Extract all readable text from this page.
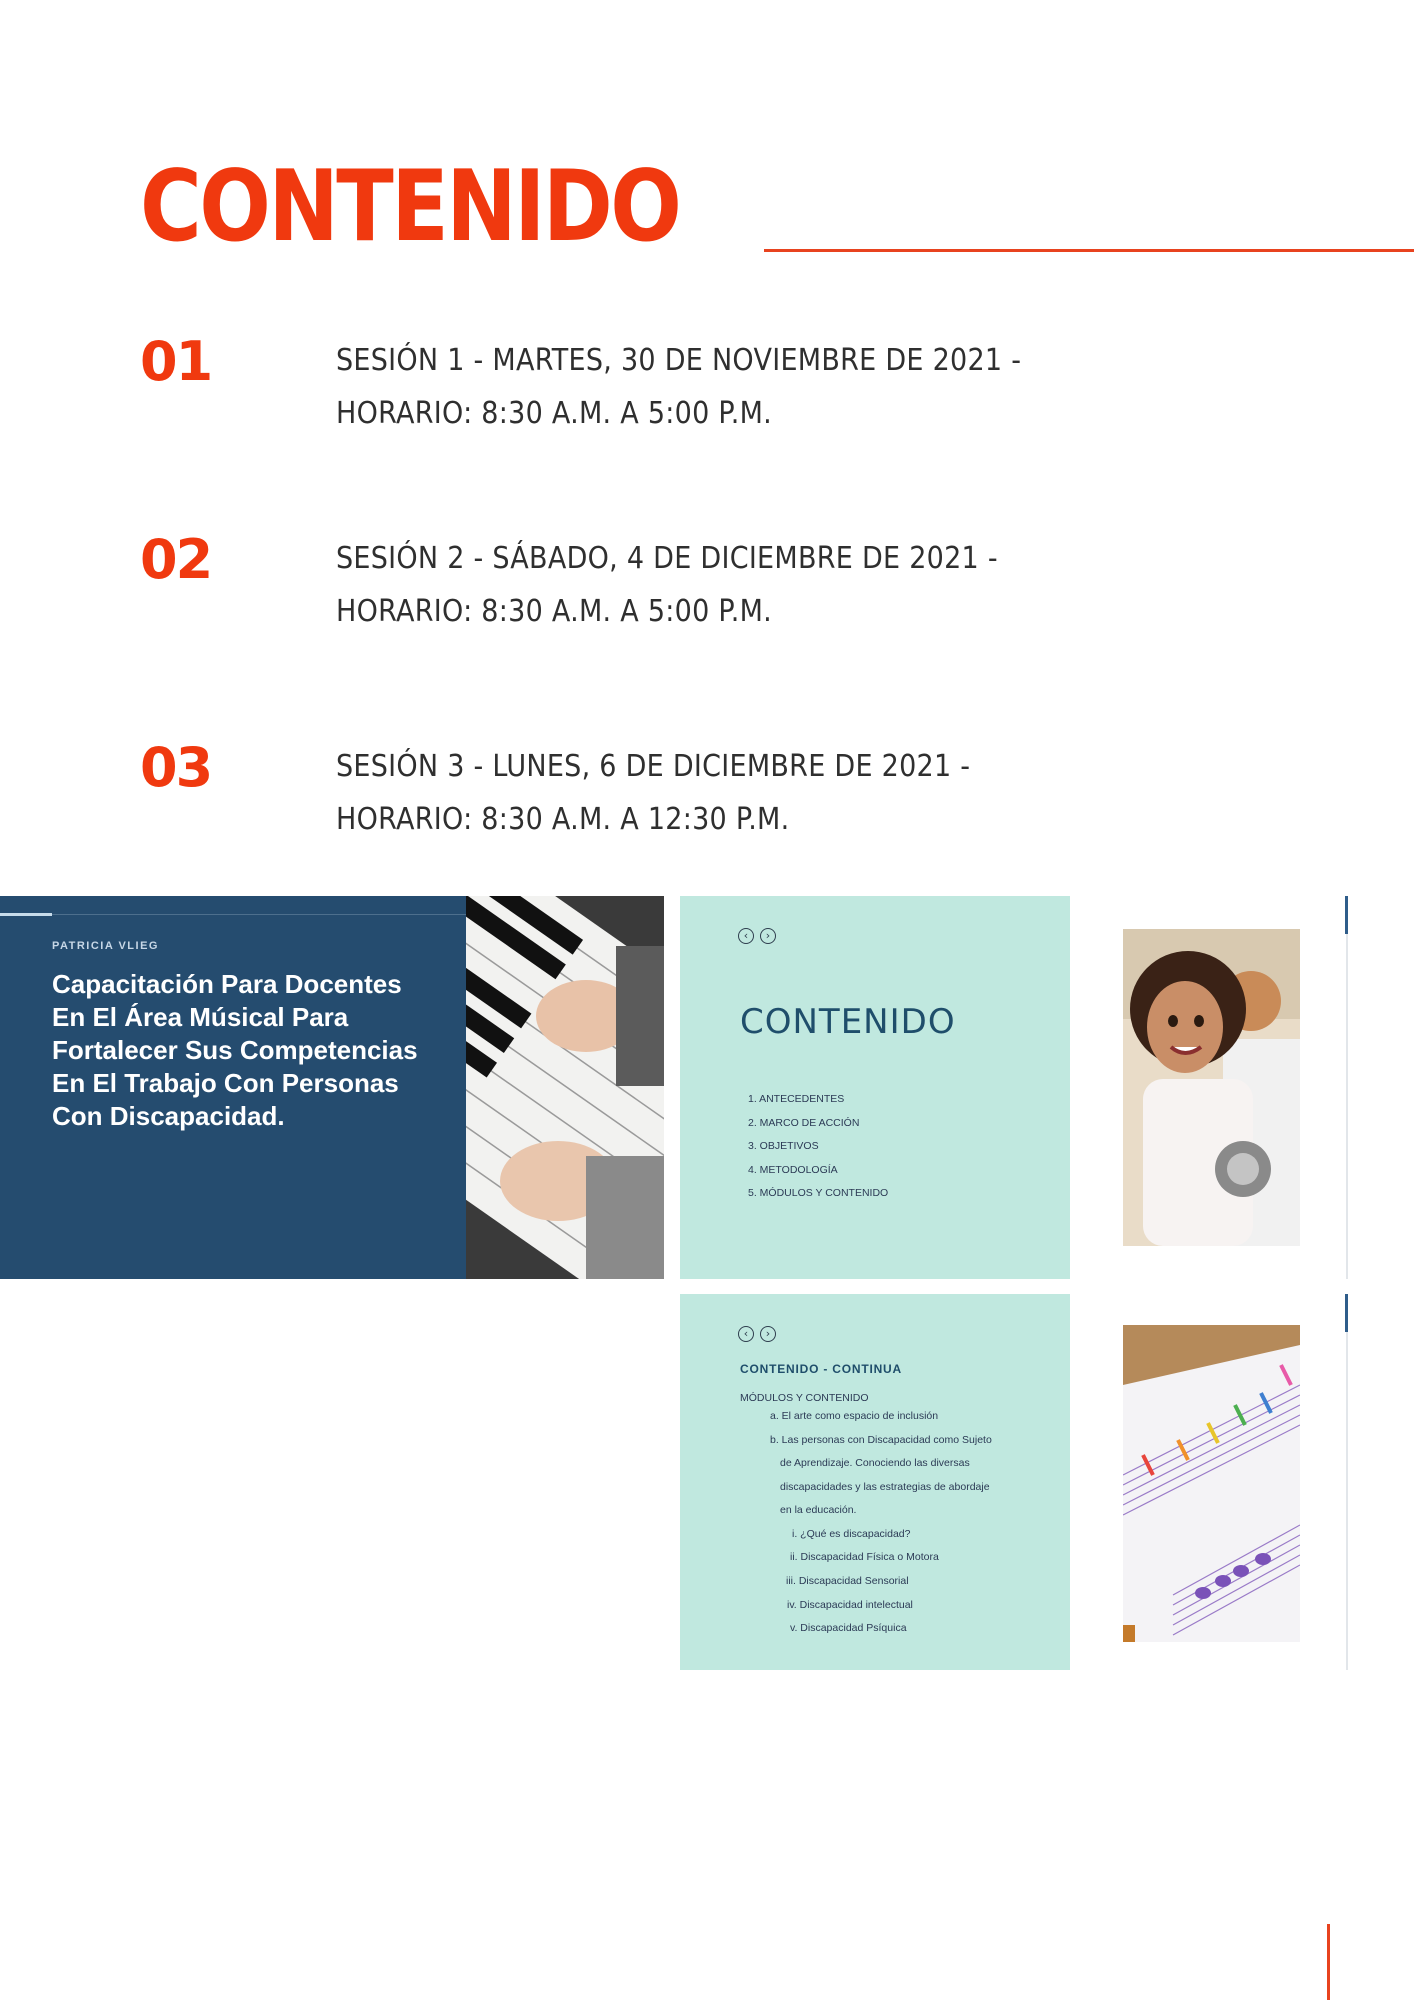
CONTENIDO
01	SESIÓN 1 - MARTES, 30 DE NOVIEMBRE DE 2021 -
HORARIO: 8:30 A.M. A 5:00 P.M.
02	SESIÓN 2 - SÁBADO, 4 DE DICIEMBRE DE 2021 -
HORARIO: 8:30 A.M. A 5:00 P.M.
03	SESIÓN 3 - LUNES, 6 DE DICIEMBRE DE 2021 -
HORARIO: 8:30 A.M. A 12:30 P.M.
PATRICIA VLIEG
Capacitación Para Docentes En El Área Músical Para Fortalecer Sus Competencias En El Trabajo Con Personas Con Discapacidad.
‹	›
CONTENIDO
1. ANTECEDENTES
2. MARCO DE ACCIÓN
3. OBJETIVOS
4. METODOLOGÍA
5. MÓDULOS Y CONTENIDO
‹	›
CONTENIDO - CONTINUA
MÓDULOS Y CONTENIDO
a. El arte como espacio de inclusión
b. Las personas con Discapacidad como Sujeto
de Aprendizaje. Conociendo las diversas
discapacidades y las estrategias de abordaje
en la educación.
i. ¿Qué es discapacidad?
ii. Discapacidad Física o Motora
iii. Discapacidad Sensorial
iv. Discapacidad intelectual
v. Discapacidad Psíquica
